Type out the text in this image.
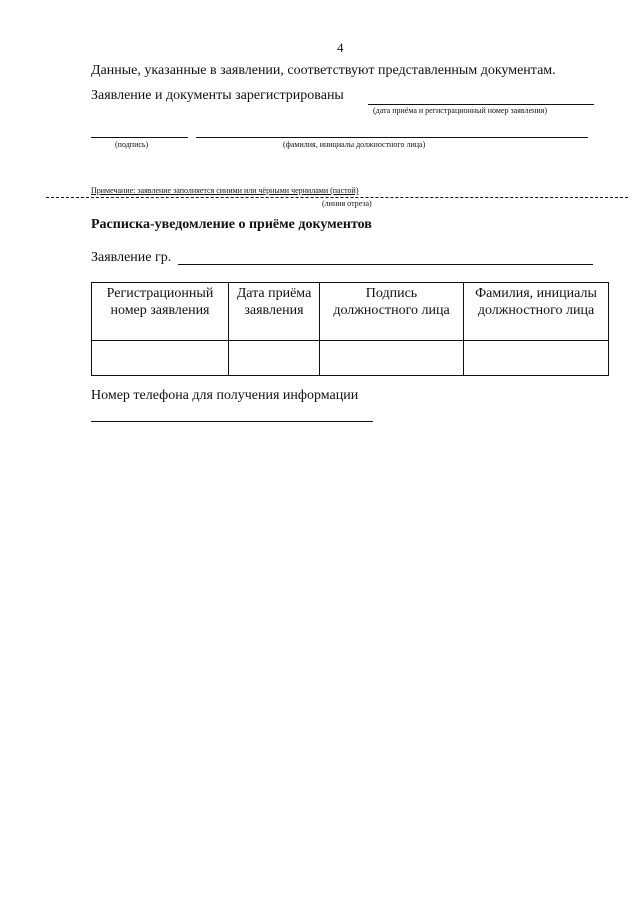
4
Данные, указанные в заявлении, соответствуют представленным документам.
Заявление и документы зарегистрированы
(дата приёма и регистрационный номер заявления)
(подпись)	(фамилия, инициалы должностного лица)
Примечание: заявление заполняется синими или чёрными чернилами (пастой)
(линия отреза)
Расписка-уведомление о приёме документов
Заявление гр.
Регистрационный номер заявления	Дата приёма заявления	Подпись должностного лица	Фамилия, инициалы должностного лица

Номер телефона для получения информации
